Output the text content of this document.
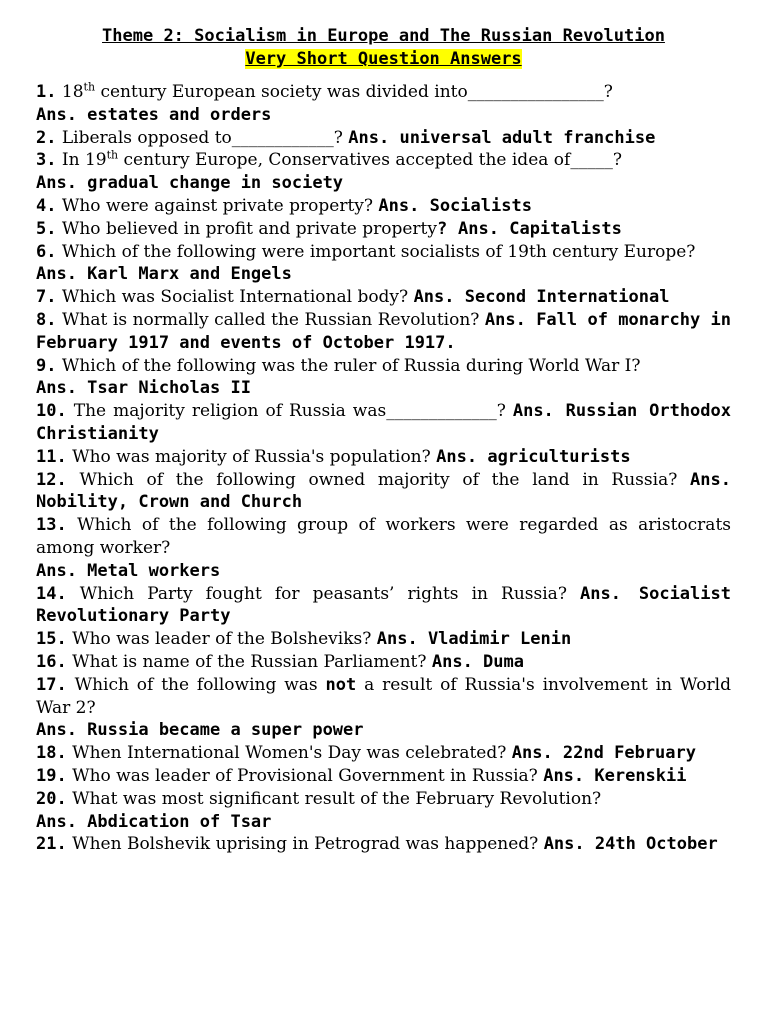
Theme 2: Socialism in Europe and The Russian Revolution
Very Short Question Answers
1. 18th century European society was divided into________________?
Ans. estates and orders
2. Liberals opposed to____________? Ans. universal adult franchise
3. In 19th century Europe, Conservatives accepted the idea of_____?
Ans. gradual change in society
4. Who were against private property? Ans. Socialists
5. Who believed in profit and private property? Ans. Capitalists
6. Which of the following were important socialists of 19th century Europe?
Ans. Karl Marx and Engels
7. Which was Socialist International body? Ans. Second International
8. What is normally called the Russian Revolution? Ans. Fall of monarchy in February 1917 and events of October 1917.
9. Which of the following was the ruler of Russia during World War I?
Ans. Tsar Nicholas II
10. The majority religion of Russia was_____________? Ans. Russian Orthodox Christianity
11. Who was majority of Russia's population? Ans. agriculturists
12. Which of the following owned majority of the land in Russia? Ans. Nobility, Crown and Church
13. Which of the following group of workers were regarded as aristocrats among worker?
Ans. Metal workers
14. Which Party fought for peasants’ rights in Russia? Ans. Socialist Revolutionary Party
15. Who was leader of the Bolsheviks? Ans. Vladimir Lenin
16. What is name of the Russian Parliament? Ans. Duma
17. Which of the following was not a result of Russia's involvement in World War 2?
Ans. Russia became a super power
18. When International Women's Day was celebrated? Ans. 22nd February
19. Who was leader of Provisional Government in Russia? Ans. Kerenskii
20. What was most significant result of the February Revolution?
Ans. Abdication of Tsar
21. When Bolshevik uprising in Petrograd was happened? Ans. 24th October
